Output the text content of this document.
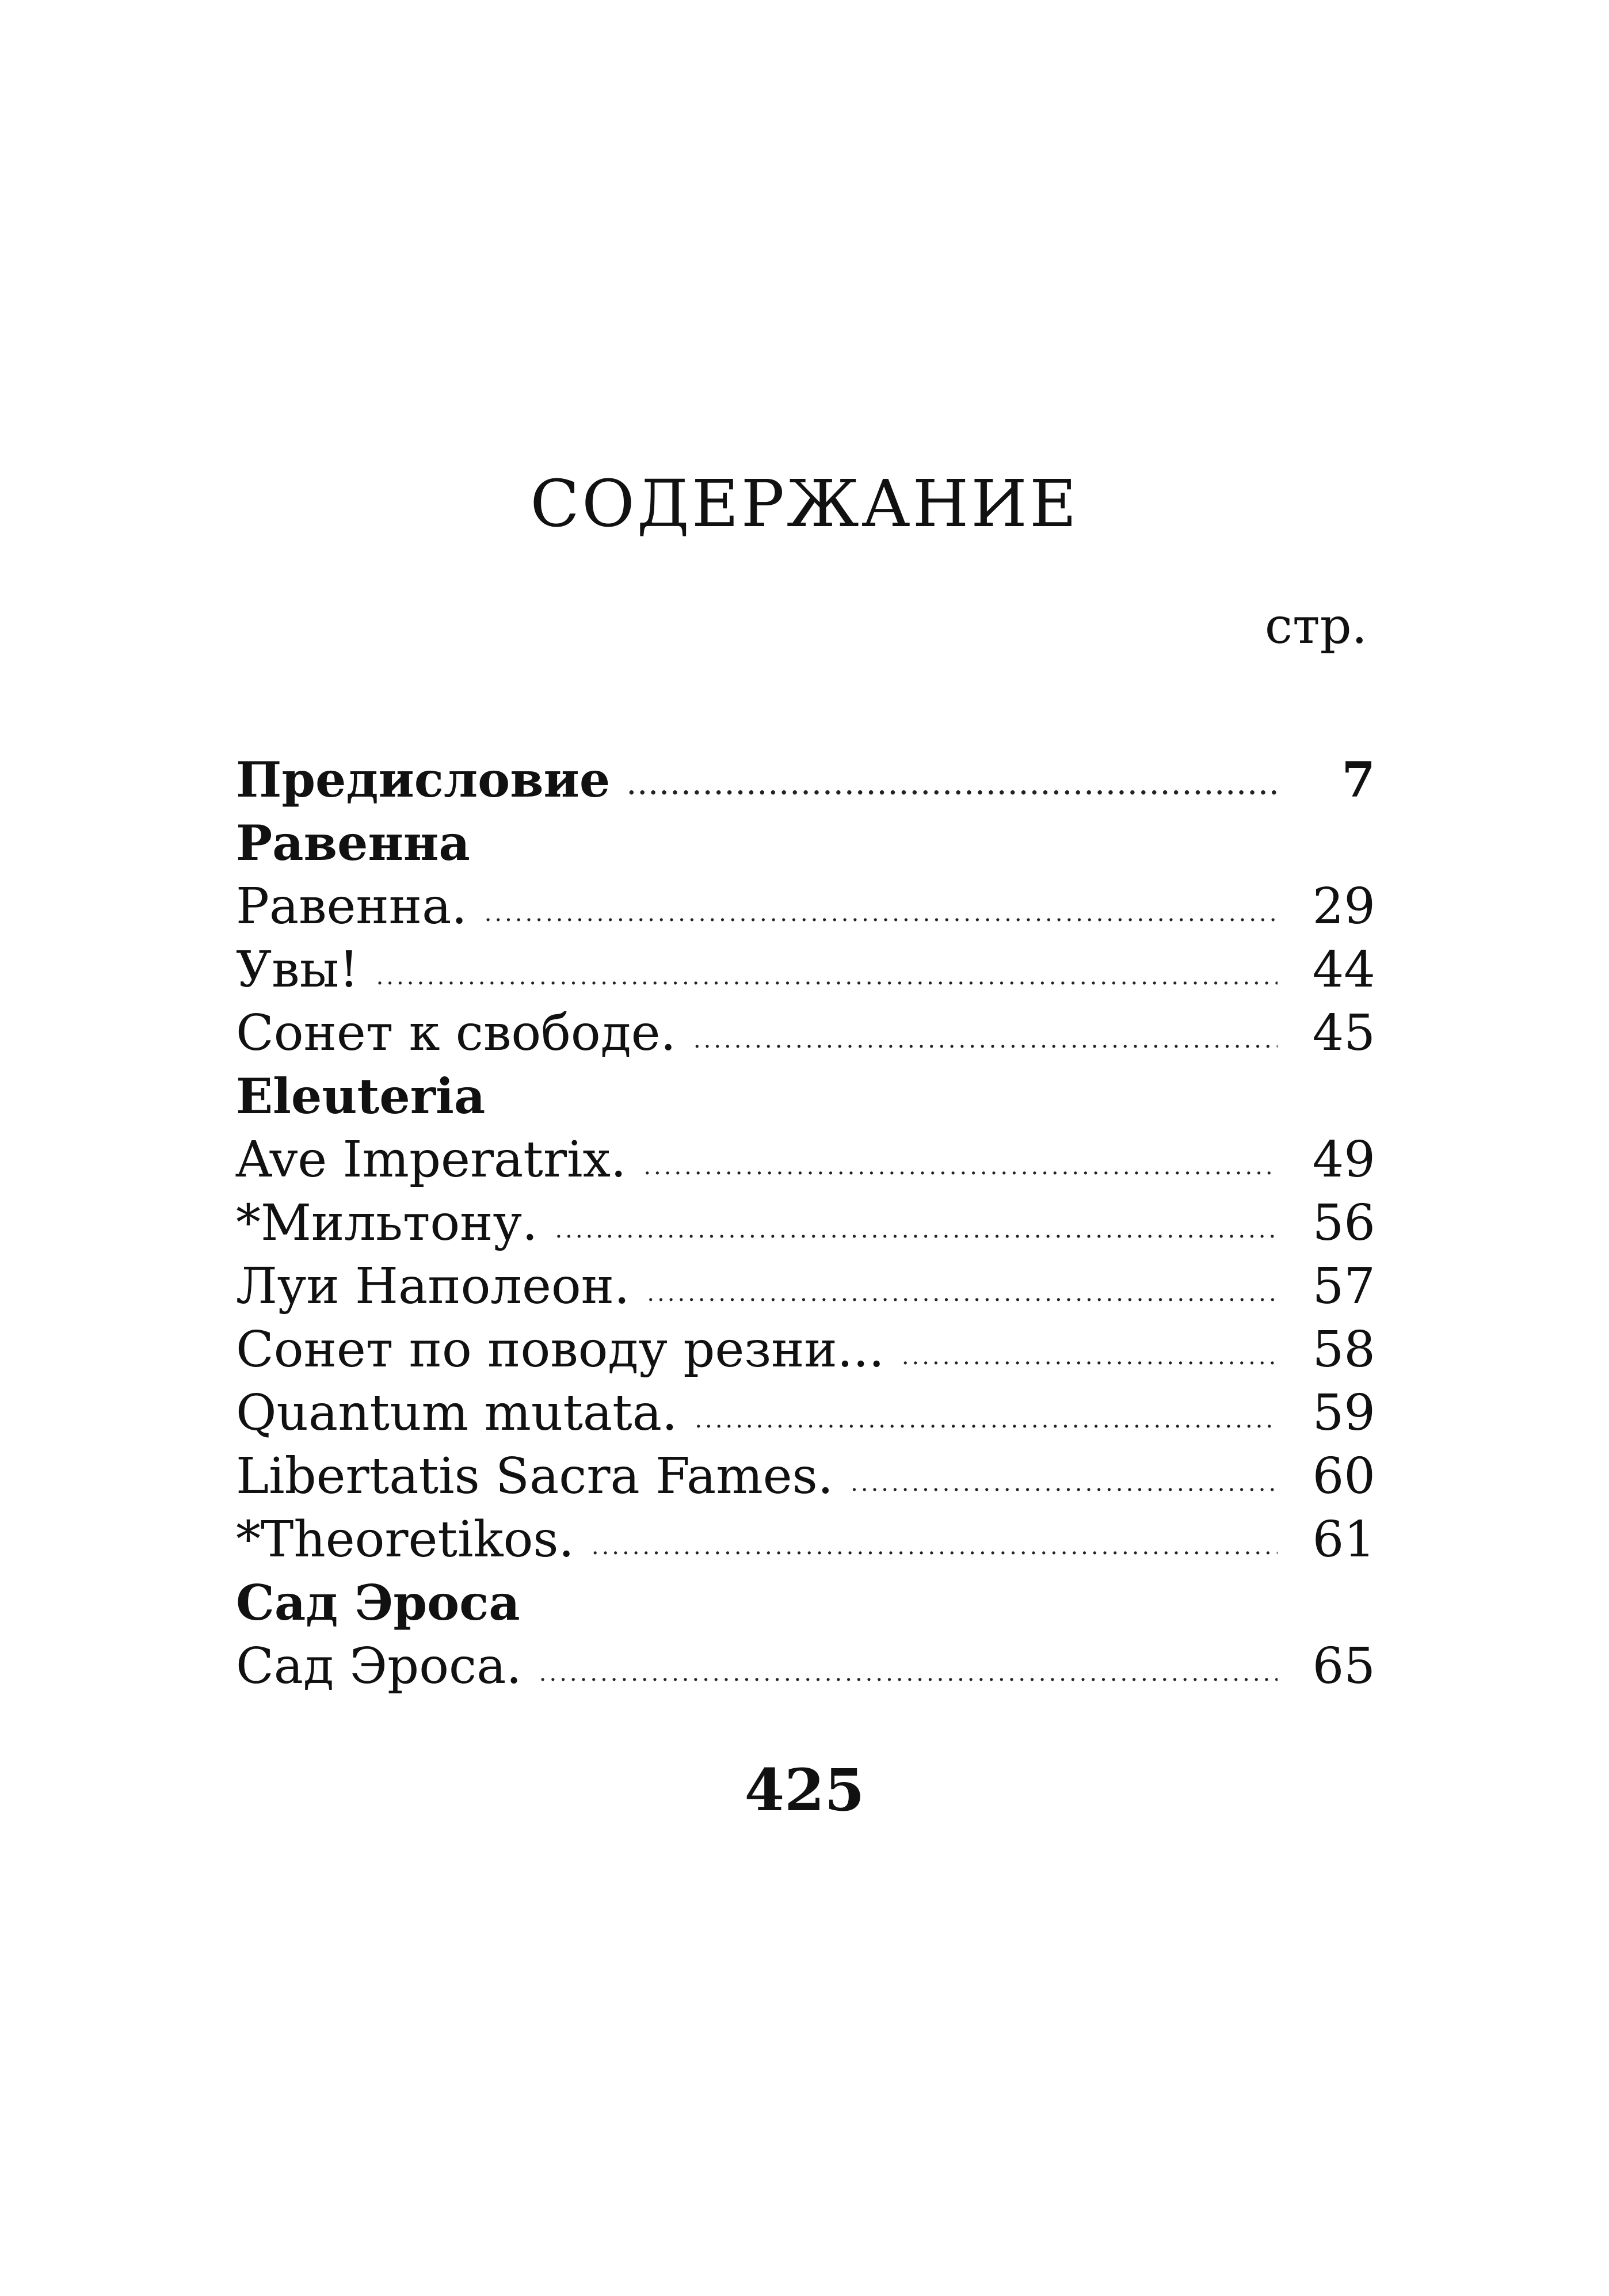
СОДЕРЖАНИЕ
стр.
Предисловие .....	7
Равенна
Равенна. .....	29
Увы! .....	44
Сонет к свободе. .....	45
Eleuteria
Ave Imperatrix. .....	49
*Мильтону. .....	56
Луи Наполеон. .....	57
Сонет по поводу резни... .....	58
Quantum mutata. .....	59
Libertatis Sacra Fames. .....	60
*Theoretikos. .....	61
Сад Эроса
Сад Эроса. .....	65
425
